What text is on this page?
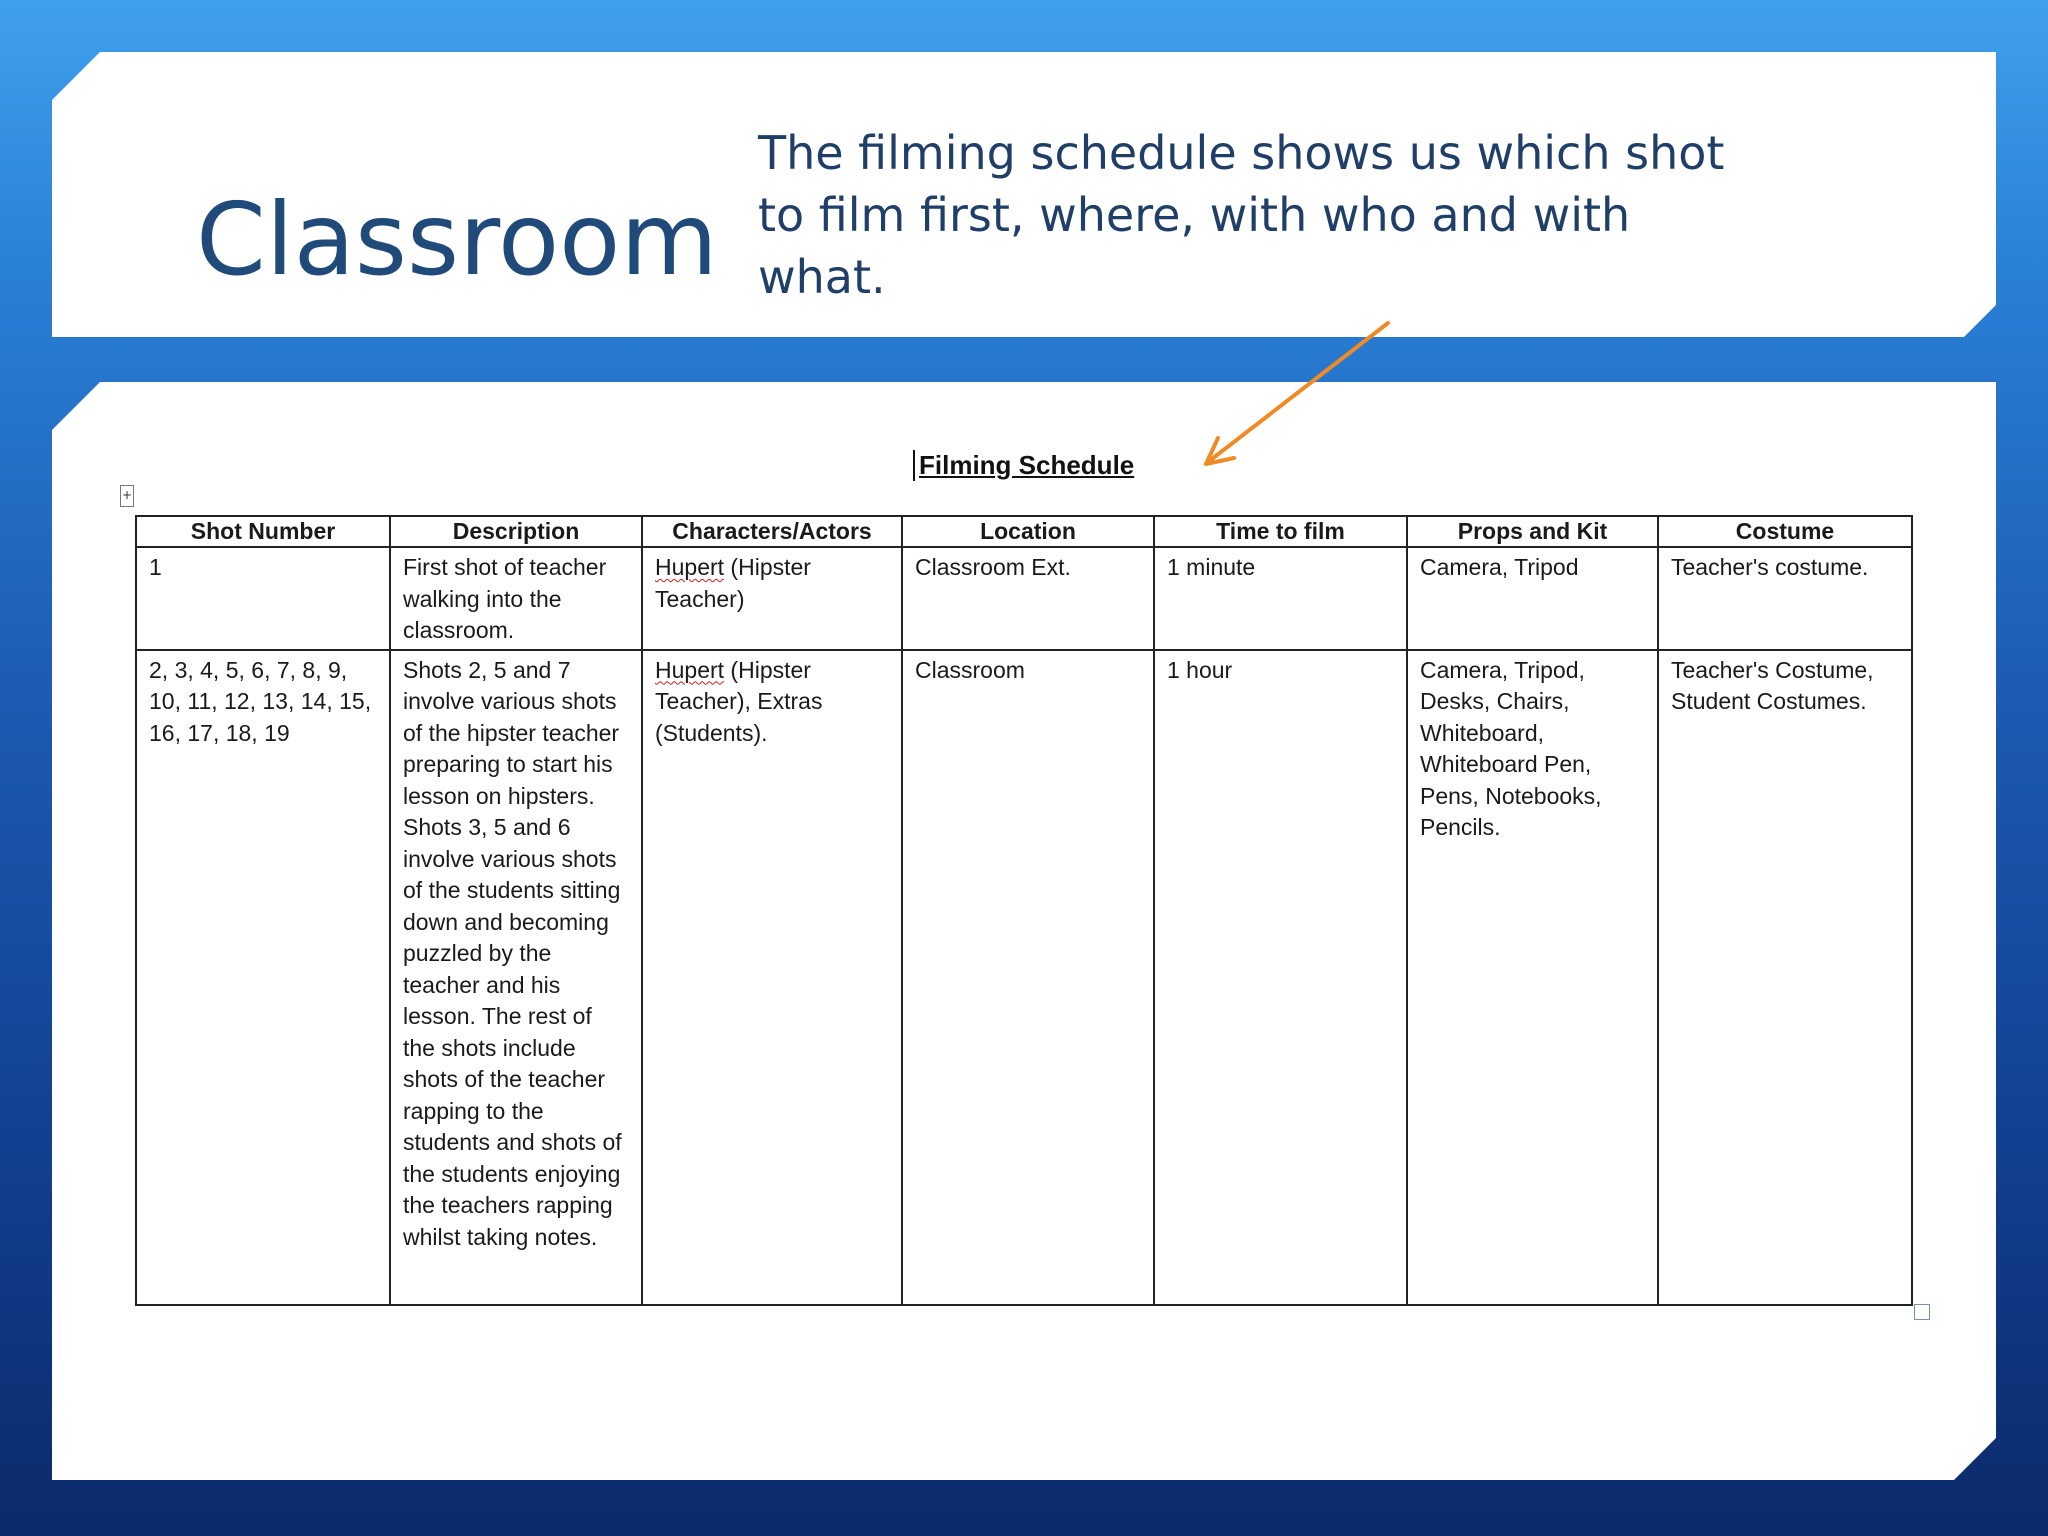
Classroom
The filming schedule shows us which shot to film first, where, with who and with what.
Filming Schedule
+
Shot Number	Description	Characters/Actors	Location	Time to film	Props and Kit	Costume
1	First shot of teacher walking into the classroom.	Hupert (Hipster Teacher)	Classroom Ext.	1 minute	Camera, Tripod	Teacher's costume.
2, 3, 4, 5, 6, 7, 8, 9, 10, 11, 12, 13, 14, 15, 16, 17, 18, 19	Shots 2, 5 and 7 involve various shots of the hipster teacher preparing to start his lesson on hipsters. Shots 3, 5 and 6 involve various shots of the students sitting down and becoming puzzled by the teacher and his lesson. The rest of the shots include shots of the teacher rapping to the students and shots of the students enjoying the teachers rapping whilst taking notes.	Hupert (Hipster Teacher), Extras (Students).	Classroom	1 hour	Camera, Tripod, Desks, Chairs, Whiteboard, Whiteboard Pen, Pens, Notebooks, Pencils.	Teacher's Costume, Student Costumes.
